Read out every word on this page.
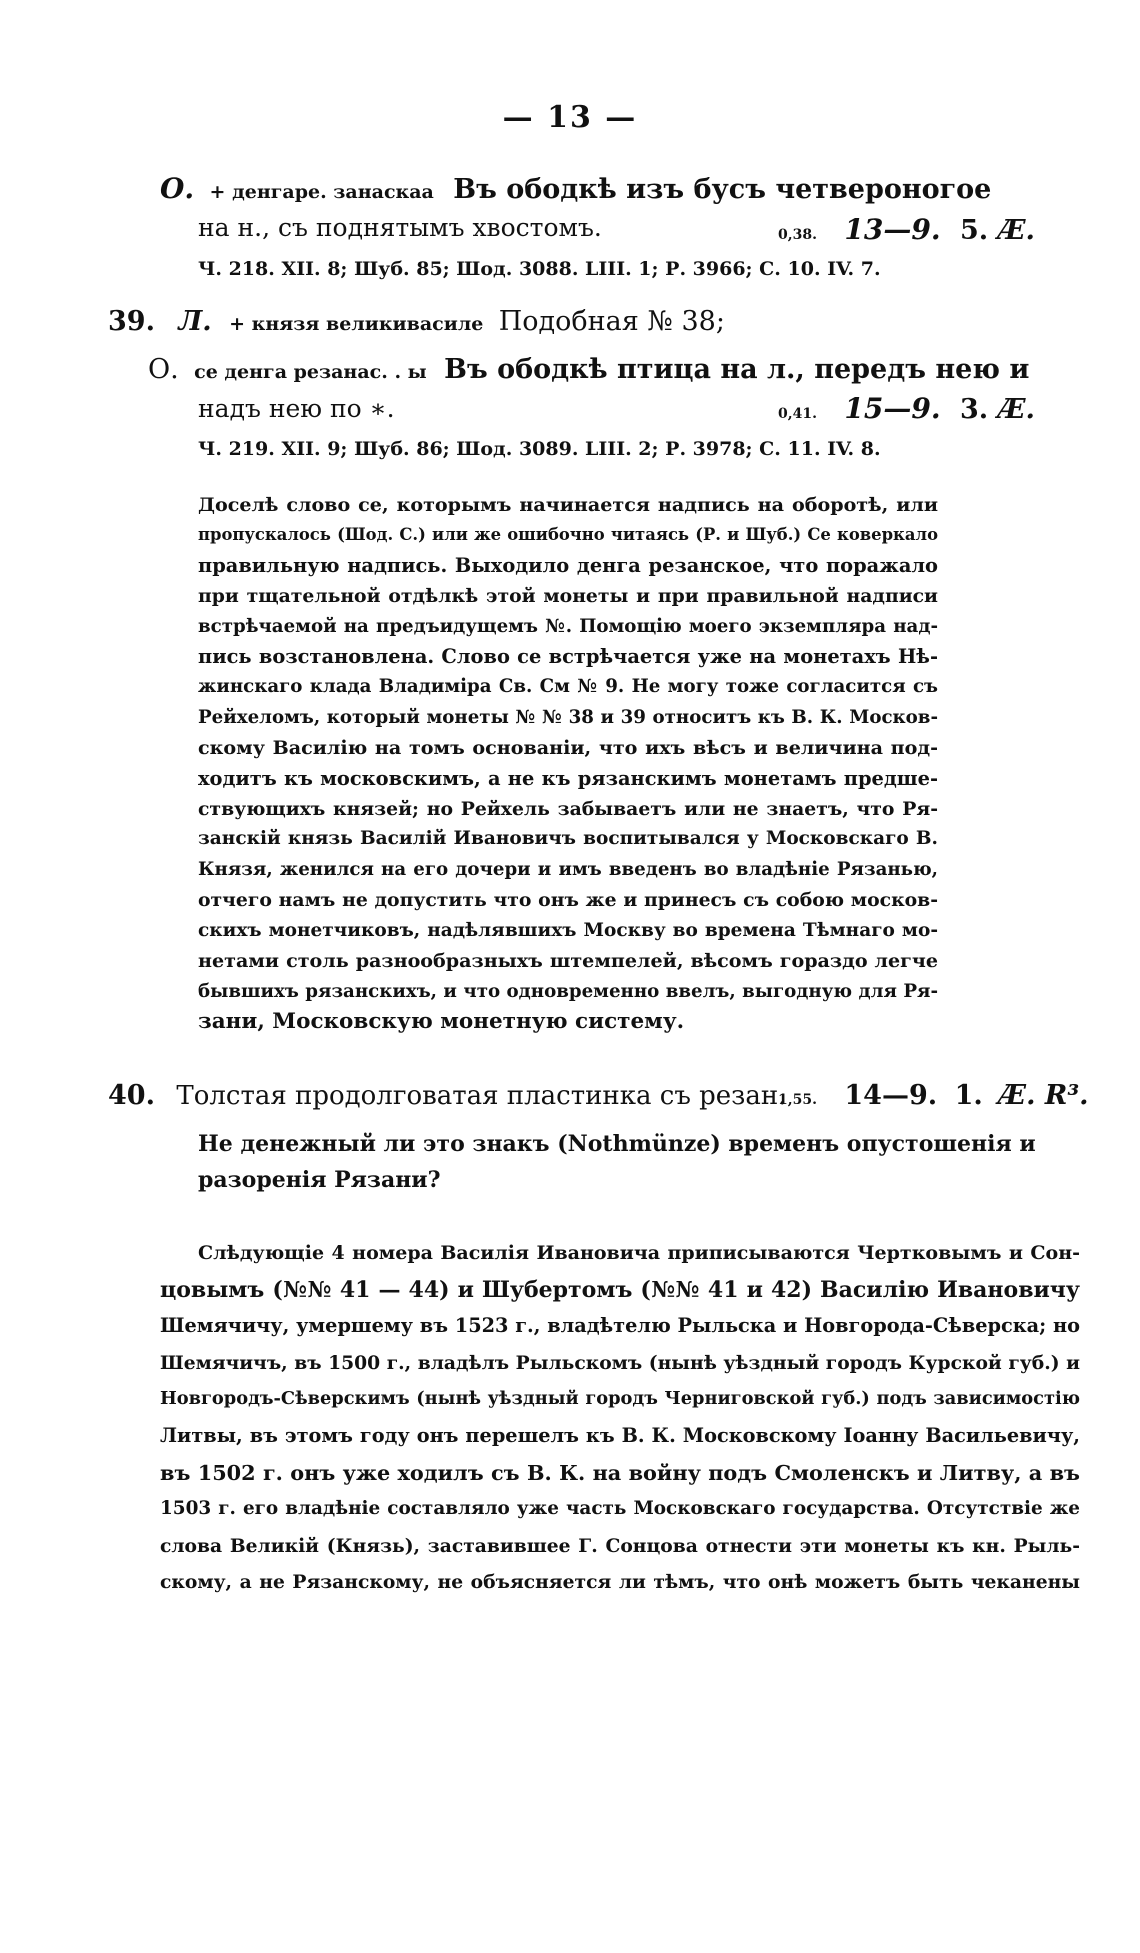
— 13 —
О. + денгаре. занаскаа Въ ободкѣ изъ бусъ четвероногое
на н., съ поднятымъ хвостомъ.	0,38. 13—9. 5. Æ.
Ч. 218. XII. 8; Шуб. 85; Шод. 3088. LIII. 1; Р. 3966; С. 10. IV. 7.
39. Л. + князя великивасиле Подобная № 38;
О. се денга резанас. . ы Въ ободкѣ птица на л., передъ нею и
надъ нею по ∗.	0,41. 15—9. 3. Æ.
Ч. 219. XII. 9; Шуб. 86; Шод. 3089. LIII. 2; Р. 3978; С. 11. IV. 8.
Доселѣ слово се, которымъ начинается надпись на оборотѣ, или
пропускалось (Шод. С.) или же ошибочно читаясь (Р. и Шуб.) Се коверкало
правильную надпись. Выходило денга резанское, что поражало
при тщательной отдѣлкѣ этой монеты и при правильной надписи
встрѣчаемой на предъидущемъ №. Помощію моего экземпляра над-
пись возстановлена. Слово се встрѣчается уже на монетахъ Нѣ-
жинскаго клада Владиміра Св. См № 9. Не могу тоже согласится съ
Рейхеломъ, который монеты № № 38 и 39 относитъ къ В. К. Москов-
скому Василію на томъ основаніи, что ихъ вѣсъ и величина под-
ходитъ къ московскимъ, а не къ рязанскимъ монетамъ предше-
ствующихъ князей; но Рейхель забываетъ или не знаетъ, что Ря-
занскій князь Василій Ивановичъ воспитывался у Московскаго В.
Князя, женился на его дочери и имъ введенъ во владѣніе Рязанью,
отчего намъ не допустить что онъ же и принесъ съ собою москов-
скихъ монетчиковъ, надѣлявшихъ Москву во времена Тѣмнаго мо-
нетами столь разнообразныхъ штемпелей, вѣсомъ гораздо легче
бывшихъ рязанскихъ, и что одновременно ввелъ, выгодную для Ря-
зани, Московскую монетную систему.
40. Толстая продолговатая пластинка съ резан.
1,55. 14—9. 1. Æ. R³.
Не денежный ли это знакъ (Nothmünze) временъ опустошенія и
разоренія Рязани?
Слѣдующіе 4 номера Василія Ивановича приписываются Чертковымъ и Сон-
цовымъ (№№ 41 — 44) и Шубертомъ (№№ 41 и 42) Василію Ивановичу
Шемячичу, умершему въ 1523 г., владѣтелю Рыльска и Новгорода-Сѣверска; но
Шемячичъ, въ 1500 г., владѣлъ Рыльскомъ (нынѣ уѣздный городъ Курской губ.) и
Новгородъ-Сѣверскимъ (нынѣ уѣздный городъ Черниговской губ.) подъ зависимостію
Литвы, въ этомъ году онъ перешелъ къ В. К. Московскому Іоанну Васильевичу,
въ 1502 г. онъ уже ходилъ съ В. К. на войну подъ Смоленскъ и Литву, а въ
1503 г. его владѣніе составляло уже часть Московскаго государства. Отсутствіе же
слова Великій (Князь), заставившее Г. Сонцова отнести эти монеты къ кн. Рыль-
скому, а не Рязанскому, не объясняется ли тѣмъ, что онѣ можетъ быть чеканены
